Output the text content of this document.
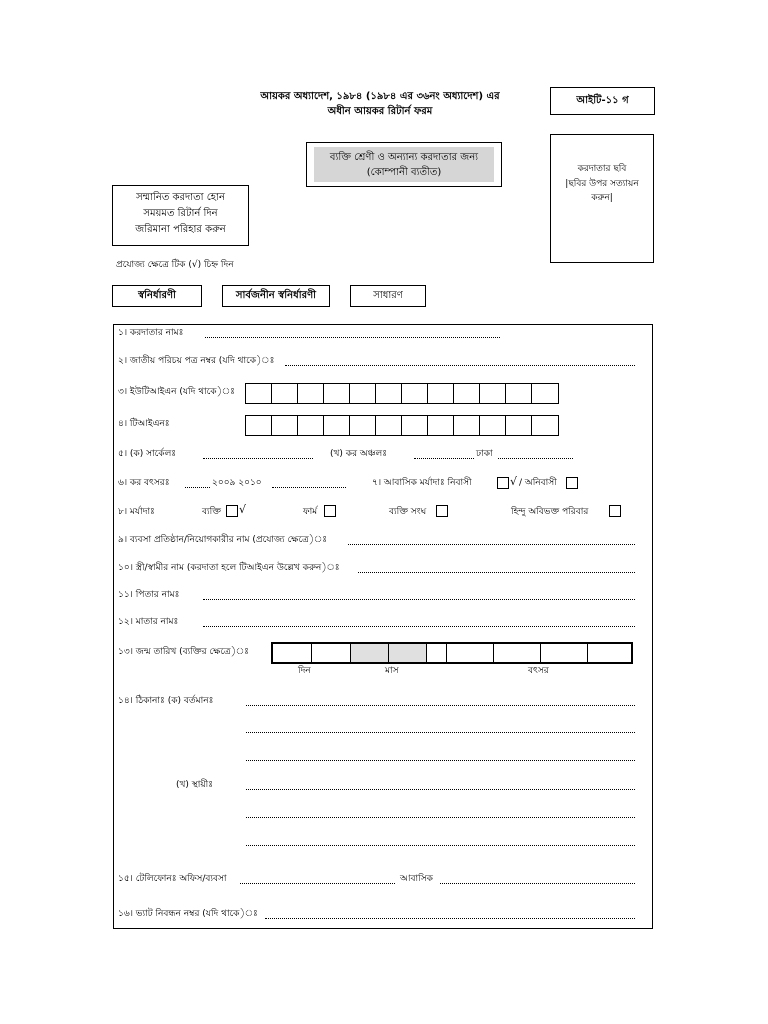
আয়কর অধ্যাদেশ, ১৯৮৪ (১৯৮৪ এর ৩৬নং অধ্যাদেশ) এর
অধীন আয়কর রিটার্ন ফরম
আইটি-১১ গ
ব্যক্তি শ্রেণী ও অন্যান্য করদাতার জন্য
(কোম্পানী ব্যতীত)	করদাতার ছবি
|ছবির উপর সত্যায়ন
করুন|
সম্মানিত করদাতা হোন
সময়মত রিটার্ন দিন
জরিমানা পরিহার করুন
প্রযোজ্য ক্ষেত্রে টিক (√) চিহ্ন দিন
স্বনির্ধারণী	সার্বজনীন স্বনির্ধারণী	সাধারণ
১। করদাতার নামঃ
২। জাতীয় পরিচয় পত্র নম্বর (যদি থাকে)ঃ
৩। ইউটিআইএন (যদি থাকে)ঃ
৪। টিআইএনঃ
৫। (ক) সার্কেলঃ	(খ) কর অঞ্চলঃ	ঢাকা
৬। কর বৎসরঃ	২০০৯ ২০১০	৭। আবাসিক মর্যাদাঃ নিবাসী	√ / অনিবাসী
৮। মর্যাদাঃ	ব্যক্তি √	ফার্ম	ব্যক্তি সংঘ	হিন্দু অবিভক্ত পরিবার
৯। ব্যবসা প্রতিষ্ঠান/নিয়োগকারীর নাম (প্রযোজ্য ক্ষেত্রে)ঃ
১০। স্ত্রী/স্বামীর নাম (করদাতা হলে টিআইএন উল্লেখ করুন)ঃ
১১। পিতার নামঃ
১২। মাতার নামঃ
১৩। জন্ম তারিখ (ব্যক্তির ক্ষেত্রে)ঃ
দিন	মাস	বৎসর
১৪। ঠিকানাঃ (ক) বর্তমানঃ
(খ) স্থায়ীঃ
১৫। টেলিফোনঃ অফিস/ব্যবসা	আবাসিক
১৬। ভ্যাট নিবন্ধন নম্বর (যদি থাকে)ঃ
